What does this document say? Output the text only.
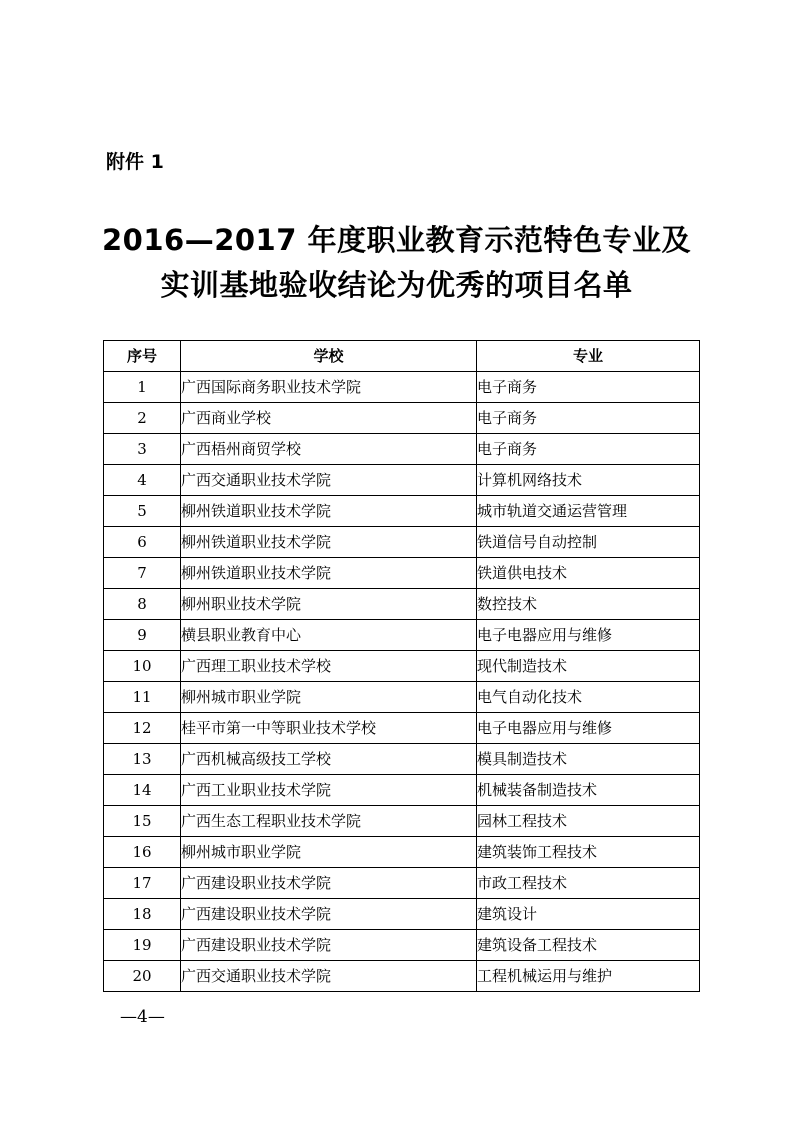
附件 1
2016—2017 年度职业教育示范特色专业及
实训基地验收结论为优秀的项目名单
序号	学校	专业
1	广西国际商务职业技术学院	电子商务
2	广西商业学校	电子商务
3	广西梧州商贸学校	电子商务
4	广西交通职业技术学院	计算机网络技术
5	柳州铁道职业技术学院	城市轨道交通运营管理
6	柳州铁道职业技术学院	铁道信号自动控制
7	柳州铁道职业技术学院	铁道供电技术
8	柳州职业技术学院	数控技术
9	横县职业教育中心	电子电器应用与维修
10	广西理工职业技术学校	现代制造技术
11	柳州城市职业学院	电气自动化技术
12	桂平市第一中等职业技术学校	电子电器应用与维修
13	广西机械高级技工学校	模具制造技术
14	广西工业职业技术学院	机械装备制造技术
15	广西生态工程职业技术学院	园林工程技术
16	柳州城市职业学院	建筑装饰工程技术
17	广西建设职业技术学院	市政工程技术
18	广西建设职业技术学院	建筑设计
19	广西建设职业技术学院	建筑设备工程技术
20	广西交通职业技术学院	工程机械运用与维护
—4—
